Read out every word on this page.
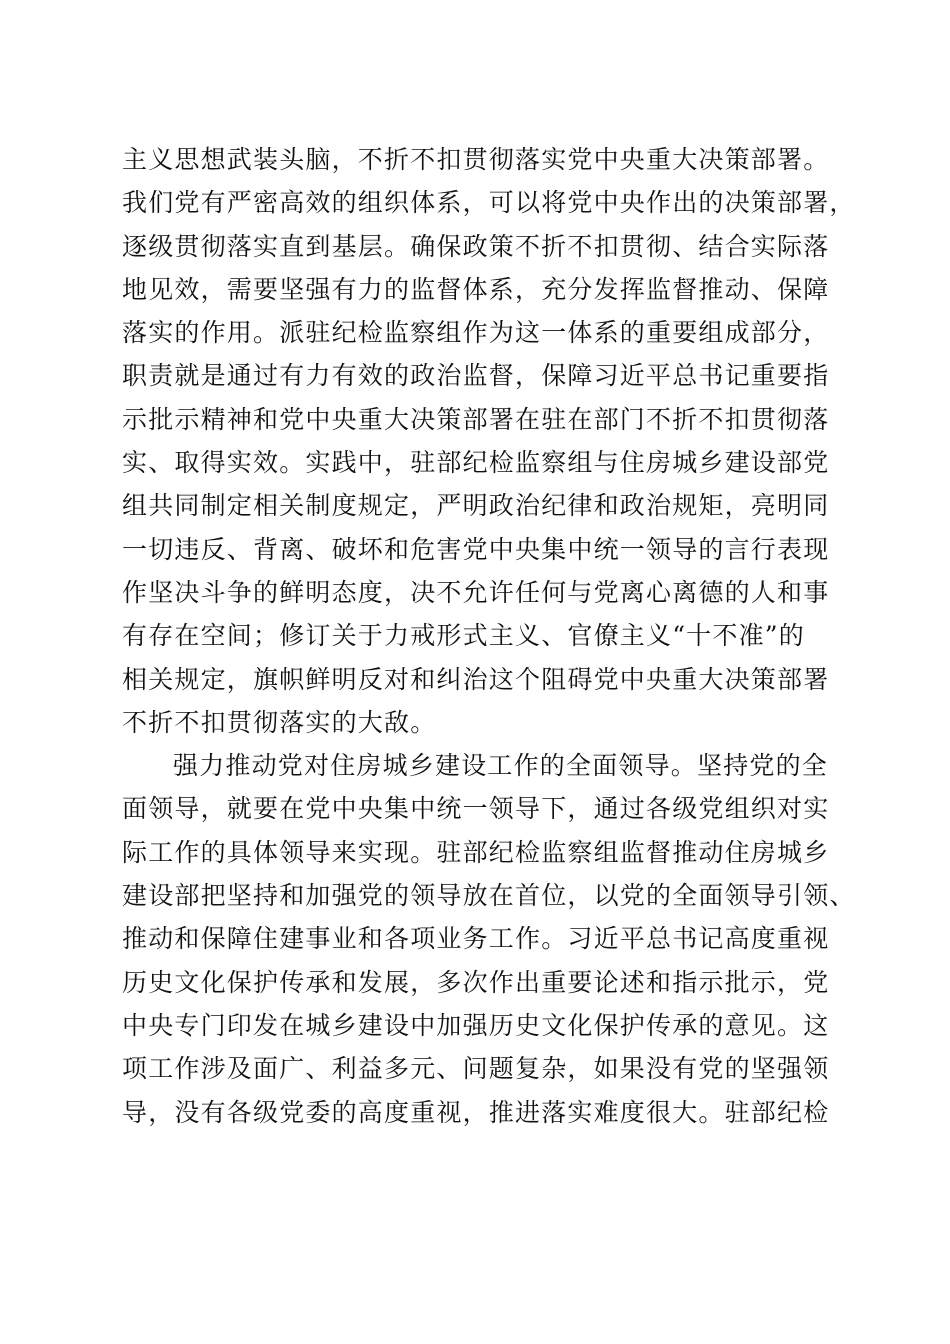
主义思想武装头脑，不折不扣贯彻落实党中央重大决策部署。
我们党有严密高效的组织体系，可以将党中央作出的决策部署，
逐级贯彻落实直到基层。确保政策不折不扣贯彻、结合实际落
地见效，需要坚强有力的监督体系，充分发挥监督推动、保障
落实的作用。派驻纪检监察组作为这一体系的重要组成部分，
职责就是通过有力有效的政治监督，保障习近平总书记重要指
示批示精神和党中央重大决策部署在驻在部门不折不扣贯彻落
实、取得实效。实践中，驻部纪检监察组与住房城乡建设部党
组共同制定相关制度规定，严明政治纪律和政治规矩，亮明同
一切违反、背离、破坏和危害党中央集中统一领导的言行表现
作坚决斗争的鲜明态度，决不允许任何与党离心离德的人和事
有存在空间；修订关于力戒形式主义、官僚主义“十不准”的
相关规定，旗帜鲜明反对和纠治这个阻碍党中央重大决策部署
不折不扣贯彻落实的大敌。
强力推动党对住房城乡建设工作的全面领导。坚持党的全
面领导，就要在党中央集中统一领导下，通过各级党组织对实
际工作的具体领导来实现。驻部纪检监察组监督推动住房城乡
建设部把坚持和加强党的领导放在首位，以党的全面领导引领、
推动和保障住建事业和各项业务工作。习近平总书记高度重视
历史文化保护传承和发展，多次作出重要论述和指示批示，党
中央专门印发在城乡建设中加强历史文化保护传承的意见。这
项工作涉及面广、利益多元、问题复杂，如果没有党的坚强领
导，没有各级党委的高度重视，推进落实难度很大。驻部纪检
